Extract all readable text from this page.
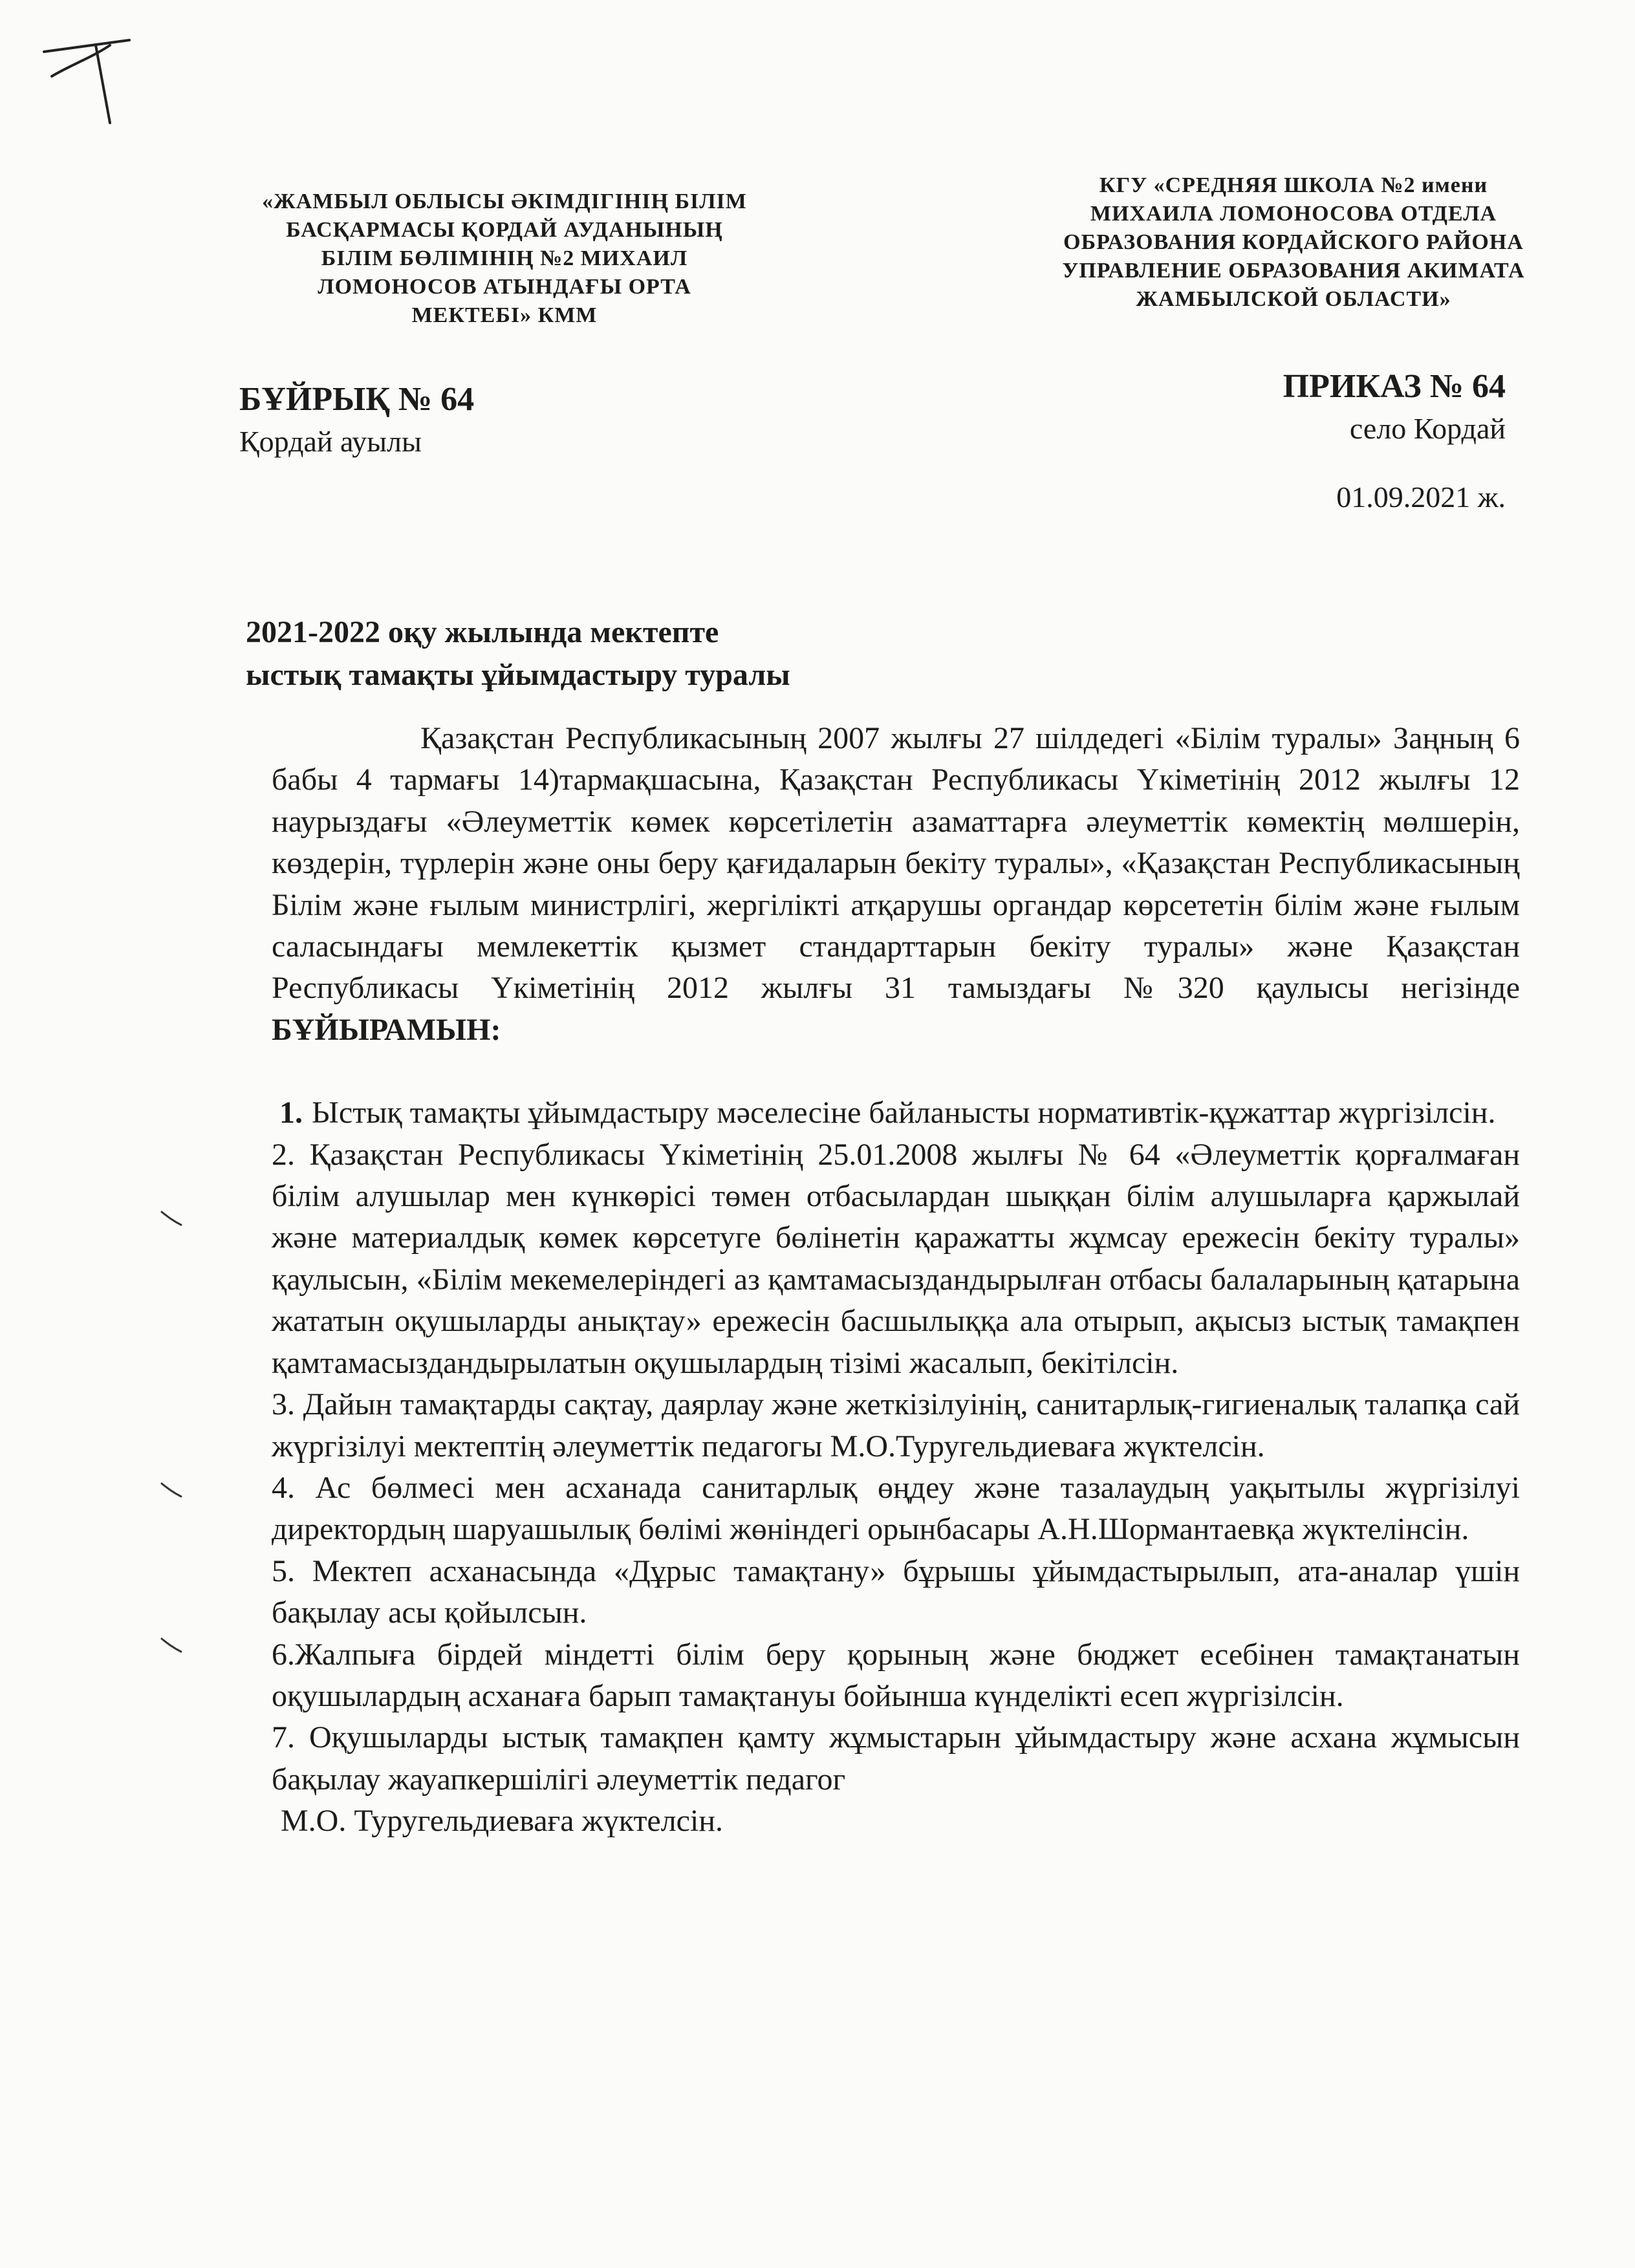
«ЖАМБЫЛ ОБЛЫСЫ ӘКІМДІГІНІҢ БІЛІМ
БАСҚАРМАСЫ ҚОРДАЙ АУДАНЫНЫҢ
БІЛІМ БӨЛІМІНІҢ №2 МИХАИЛ
ЛОМОНОСОВ АТЫНДАҒЫ ОРТА
МЕКТЕБІ» КММ
КГУ «СРЕДНЯЯ ШКОЛА №2 имени
МИХАИЛА ЛОМОНОСОВА ОТДЕЛА
ОБРАЗОВАНИЯ КОРДАЙСКОГО РАЙОНА
УПРАВЛЕНИЕ ОБРАЗОВАНИЯ АКИМАТА
ЖАМБЫЛСКОЙ ОБЛАСТИ»
БҰЙРЫҚ № 64
Қордай ауылы
ПРИКАЗ № 64
село Кордай
01.09.2021 ж.
2021-2022 оқу жылында мектепте
ыстық тамақты ұйымдастыру туралы

Қазақстан Республикасының 2007 жылғы 27 шілдедегі «Білім туралы» Заңның 6 бабы 4 тармағы 14)тармақшасына, Қазақстан Республикасы Үкіметінің 2012 жылғы 12 наурыздағы «Әлеуметтік көмек көрсетілетін азаматтарға әлеуметтік көмектің мөлшерін, көздерін, түрлерін және оны беру қағидаларын бекіту туралы», «Қазақстан Республикасының Білім және ғылым министрлігі, жергілікті атқарушы органдар көрсететін білім және ғылым саласындағы мемлекеттік қызмет стандарттарын бекіту туралы» және Қазақстан Республикасы Үкіметінің 2012 жылғы 31 тамыздағы №320 қаулысы негізінде БҰЙЫРАМЫН:

1. Ыстық тамақты ұйымдастыру мәселесіне байланысты нормативтік-құжаттар жүргізілсін.

2. Қазақстан Республикасы Үкіметінің 25.01.2008 жылғы № 64 «Әлеуметтік қорғалмаған білім алушылар мен күнкөрісі төмен отбасылардан шыққан білім алушыларға қаржылай және материалдық көмек көрсетуге бөлінетін қаражатты жұмсау ережесін бекіту туралы» қаулысын, «Білім мекемелеріндегі аз қамтамасыздандырылған отбасы балаларының қатарына жататын оқушыларды анықтау» ережесін басшылыққа ала отырып, ақысыз ыстық тамақпен қамтамасыздандырылатын оқушылардың тізімі жасалып, бекітілсін.

3. Дайын тамақтарды сақтау, даярлау және жеткізілуінің, санитарлық-гигиеналық талапқа сай жүргізілуі мектептің әлеуметтік педагогы М.О.Туругельдиеваға жүктелсін.

4. Ас бөлмесі мен асханада санитарлық өңдеу және тазалаудың уақытылы жүргізілуі директордың шаруашылық бөлімі жөніндегі орынбасары А.Н.Шормантаевқа жүктелінсін.

5. Мектеп асханасында «Дұрыс тамақтану» бұрышы ұйымдастырылып, ата-аналар үшін бақылау асы қойылсын.

6.Жалпыға бірдей міндетті білім беру қорының және бюджет есебінен тамақтанатын оқушылардың асханаға барып тамақтануы бойынша күнделікті есеп жүргізілсін.

7. Оқушыларды ыстық тамақпен қамту жұмыстарын ұйымдастыру және асхана жұмысын бақылау жауапкершілігі әлеуметтік педагог

М.О. Туругельдиеваға жүктелсін.
